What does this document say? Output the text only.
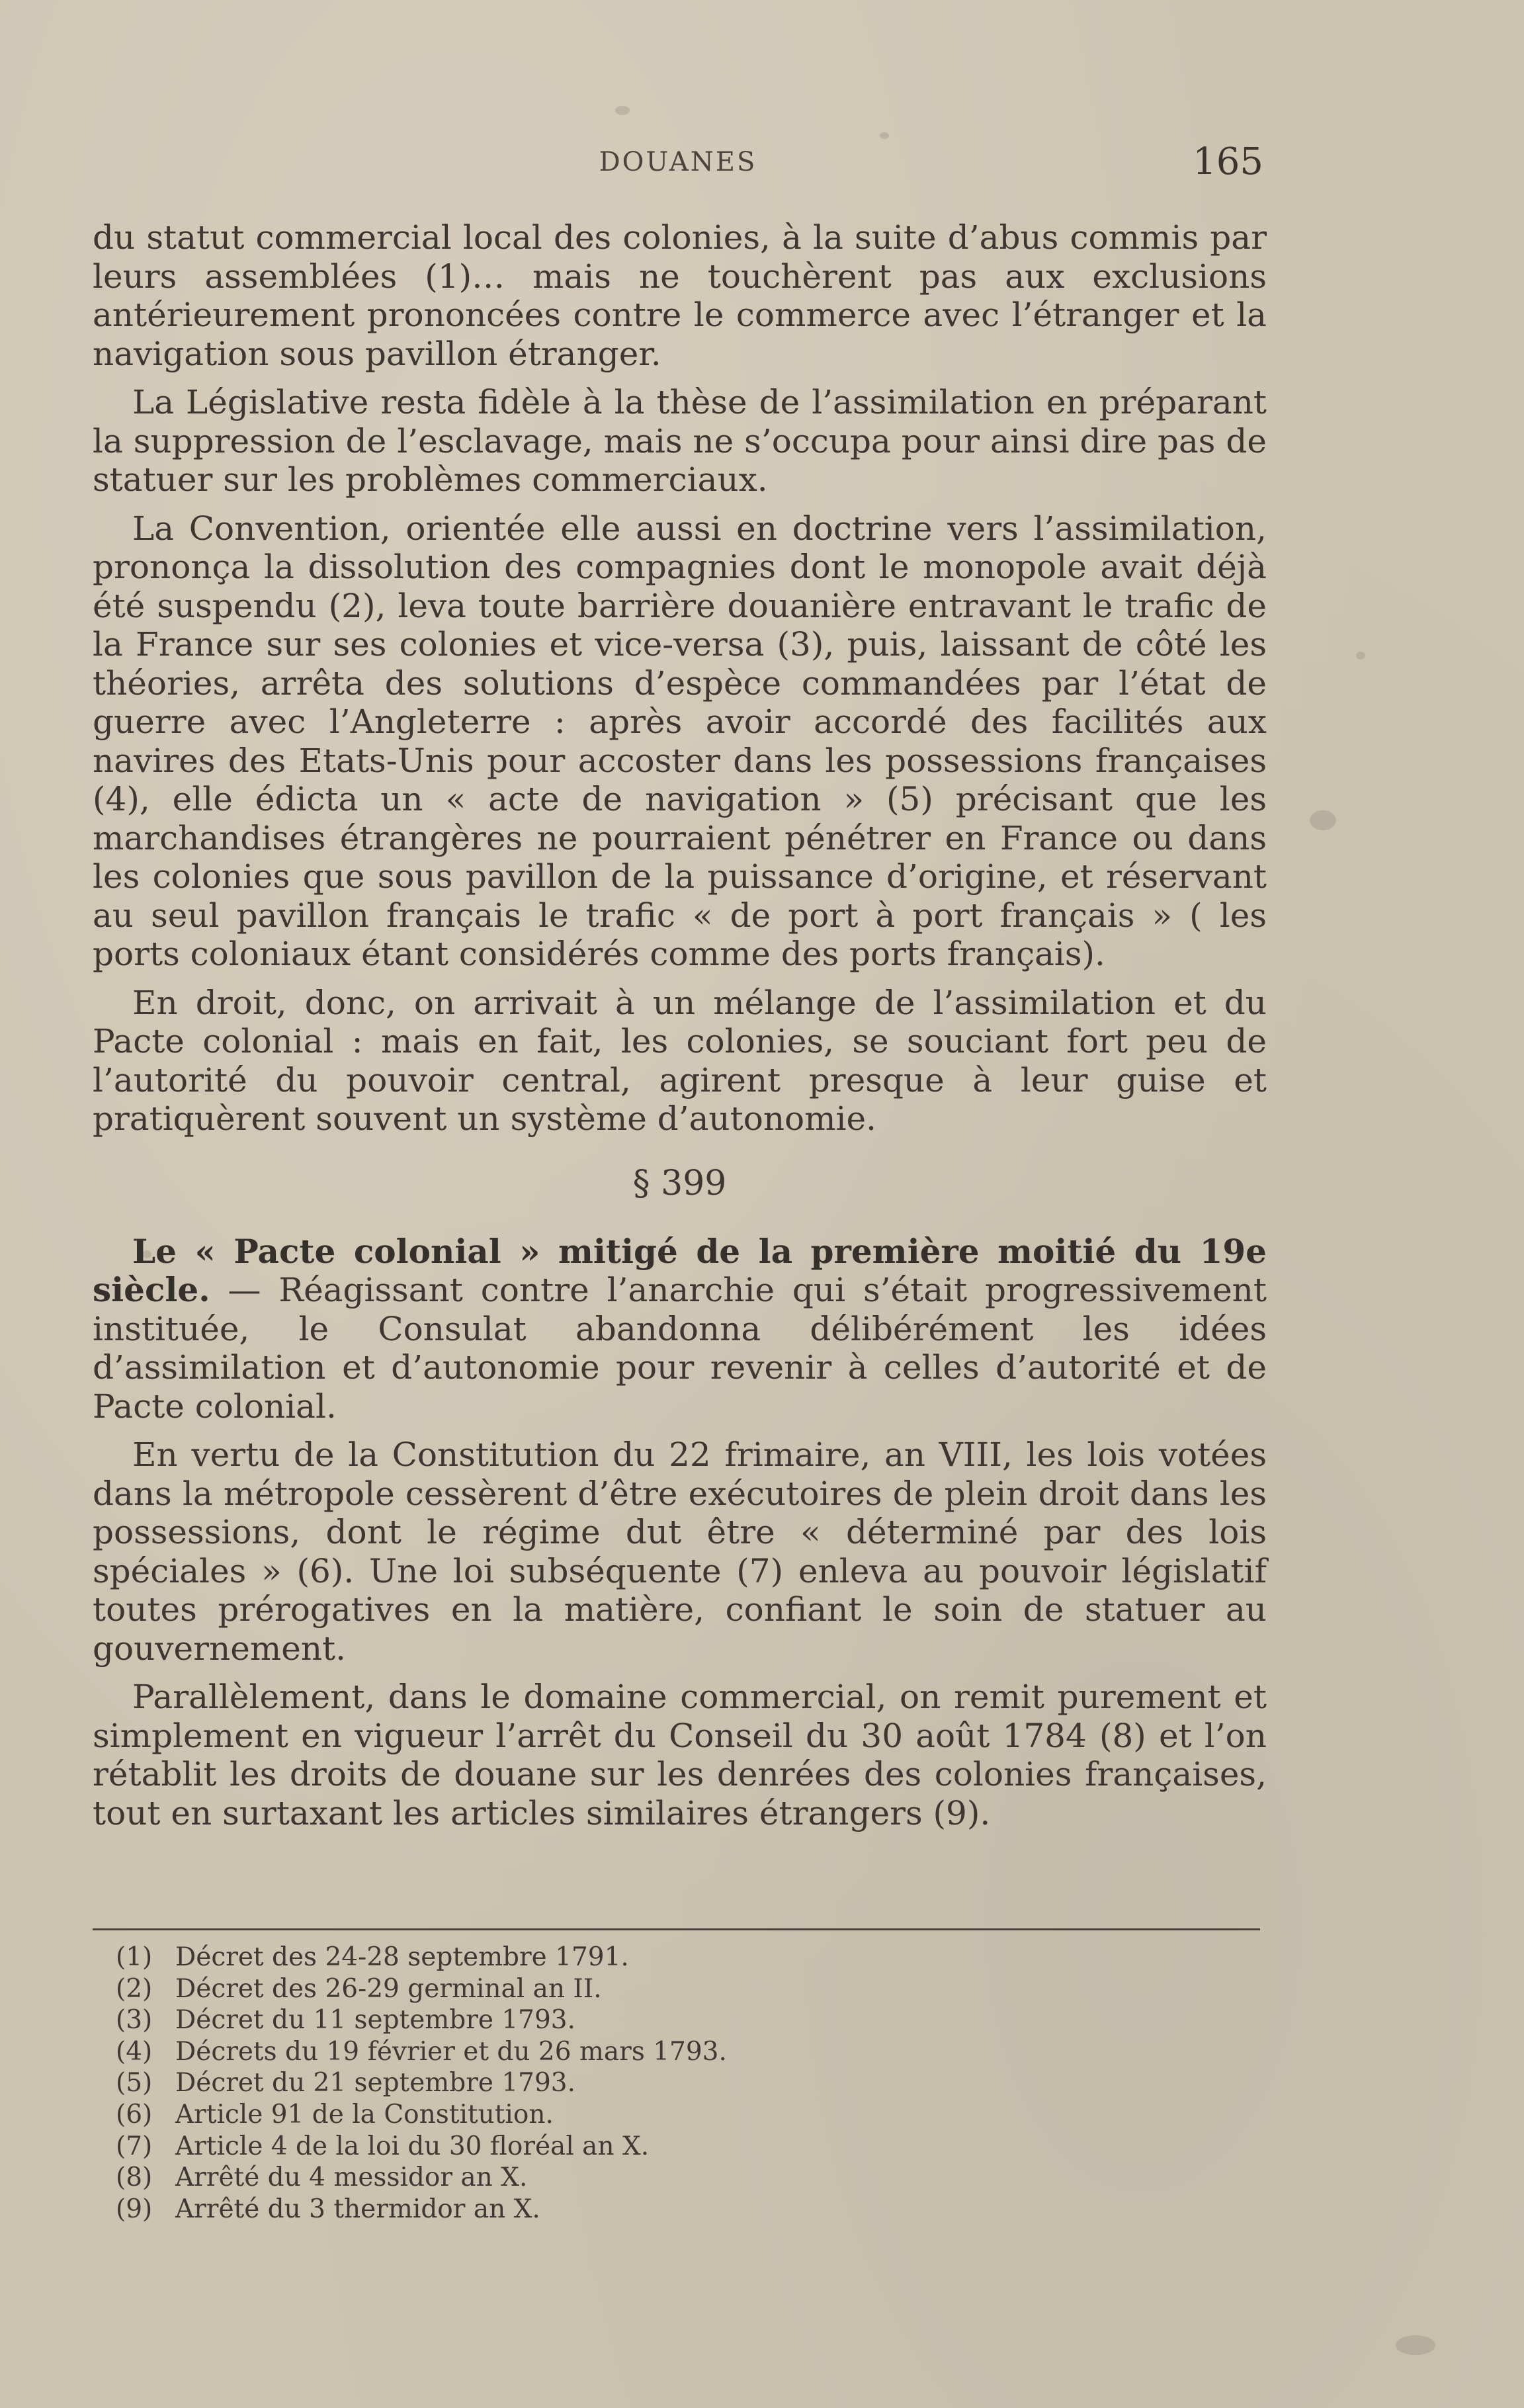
DOUANES	165

du statut commercial local des colonies, à la suite d’abus commis par leurs assemblées (1)… mais ne touchèrent pas aux exclusions antérieurement prononcées contre le commerce avec l’étranger et la navigation sous pavillon étranger.

La Législative resta fidèle à la thèse de l’assimilation en préparant la suppression de l’esclavage, mais ne s’occupa pour ainsi dire pas de statuer sur les problèmes commerciaux.

La Convention, orientée elle aussi en doctrine vers l’assimilation, prononça la dissolution des compagnies dont le monopole avait déjà été suspendu (2), leva toute barrière douanière entravant le trafic de la France sur ses colonies et vice-versa (3), puis, laissant de côté les théories, arrêta des solutions d’espèce commandées par l’état de guerre avec l’Angleterre : après avoir accordé des facilités aux navires des Etats-Unis pour accoster dans les possessions françaises (4), elle édicta un « acte de navigation » (5) précisant que les marchandises étrangères ne pourraient pénétrer en France ou dans les colonies que sous pavillon de la puissance d’origine, et réservant au seul pavillon français le trafic « de port à port français » ( les ports coloniaux étant considérés comme des ports français).

En droit, donc, on arrivait à un mélange de l’assimilation et du Pacte colonial : mais en fait, les colonies, se souciant fort peu de l’autorité du pouvoir central, agirent presque à leur guise et pratiquèrent souvent un système d’autonomie.

§ 399

Le « Pacte colonial » mitigé de la première moitié du 19e siècle. — Réagissant contre l’anarchie qui s’était progressivement instituée, le Consulat abandonna délibérément les idées d’assimilation et d’autonomie pour revenir à celles d’autorité et de Pacte colonial.

En vertu de la Constitution du 22 frimaire, an VIII, les lois votées dans la métropole cessèrent d’être exécutoires de plein droit dans les possessions, dont le régime dut être « déterminé par des lois spéciales » (6). Une loi subséquente (7) enleva au pouvoir législatif toutes prérogatives en la matière, confiant le soin de statuer au gouvernement.

Parallèlement, dans le domaine commercial, on remit purement et simplement en vigueur l’arrêt du Conseil du 30 août 1784 (8) et l’on rétablit les droits de douane sur les denrées des colonies françaises, tout en surtaxant les articles similaires étrangers (9).

(1) Décret des 24-28 septembre 1791.
(2) Décret des 26-29 germinal an II.
(3) Décret du 11 septembre 1793.
(4) Décrets du 19 février et du 26 mars 1793.
(5) Décret du 21 septembre 1793.
(6) Article 91 de la Constitution.
(7) Article 4 de la loi du 30 floréal an X.
(8) Arrêté du 4 messidor an X.
(9) Arrêté du 3 thermidor an X.
